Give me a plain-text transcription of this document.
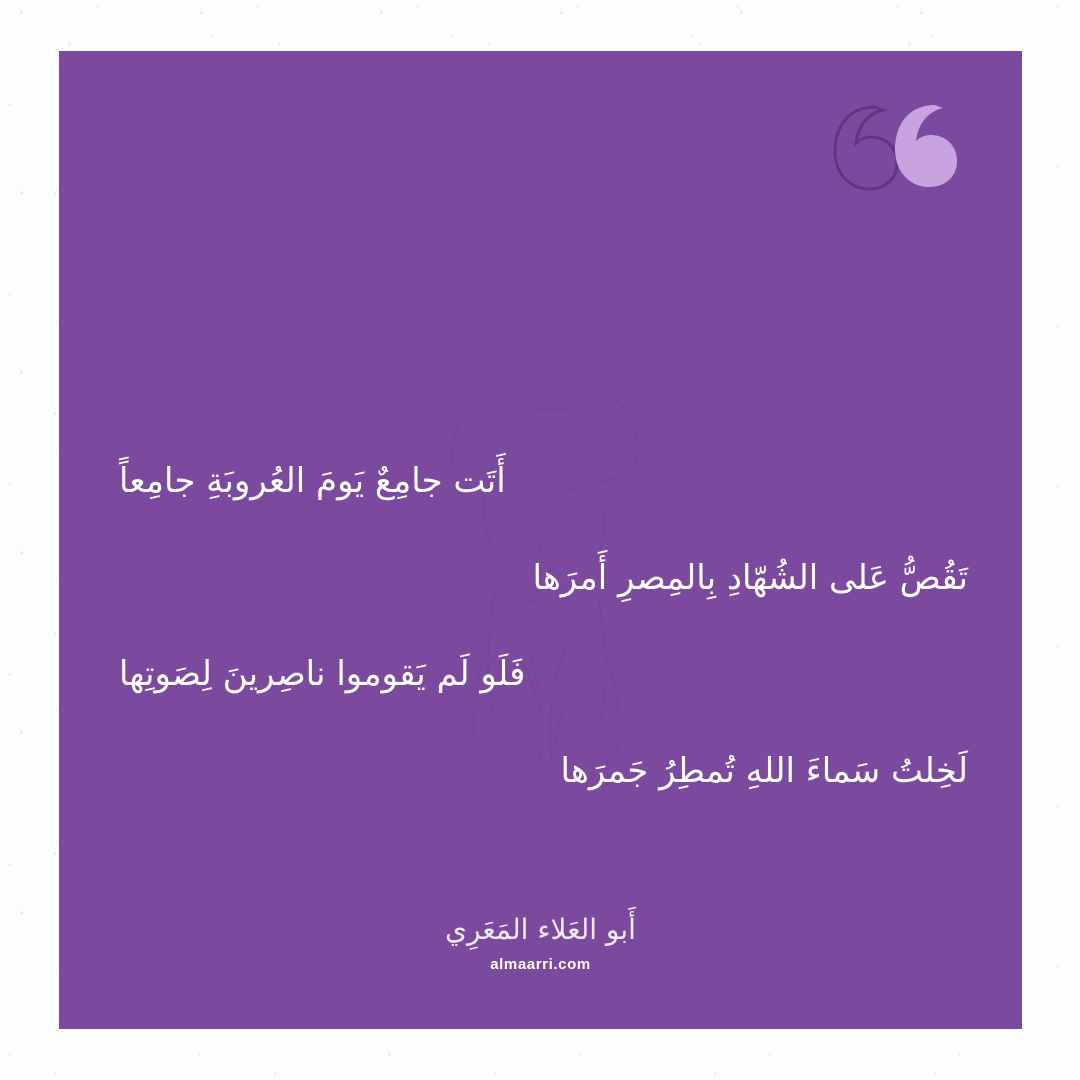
أَتَت جامِعٌ يَومَ العُروبَةِ جامِعاً
تَقُصُّ عَلى الشُهّادِ بِالمِصرِ أَمرَها
فَلَو لَم يَقوموا ناصِرينَ لِصَوتِها
لَخِلتُ سَماءَ اللهِ تُمطِرُ جَمرَها
أَبو العَلاء المَعَرِي
almaarri.com
